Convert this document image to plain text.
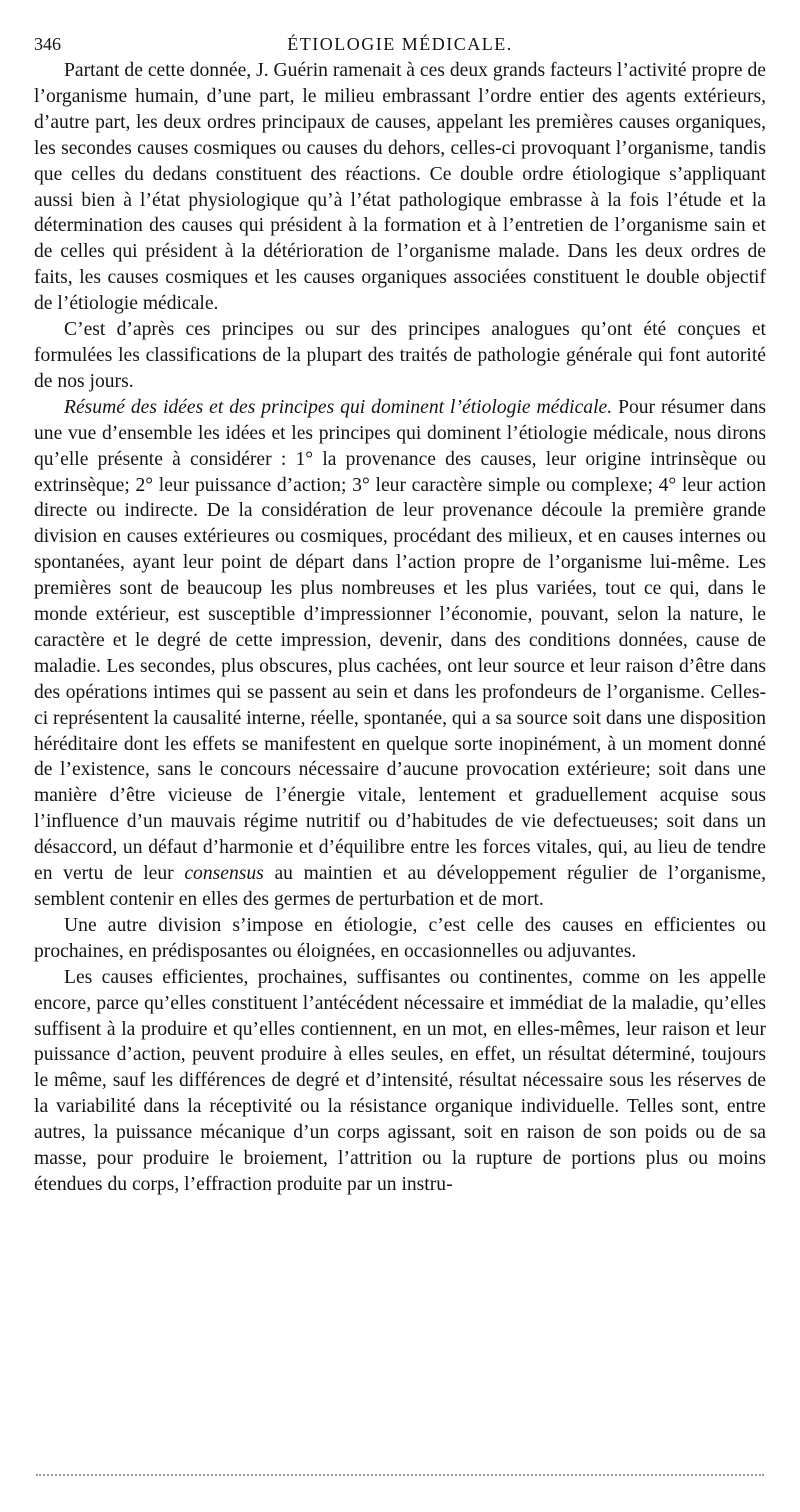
346	ÉTIOLOGIE MÉDICALE.

Partant de cette donnée, J. Guérin ramenait à ces deux grands facteurs l’activité propre de l’organisme humain, d’une part, le milieu embrassant l’ordre entier des agents extérieurs, d’autre part, les deux ordres principaux de causes, appelant les premières causes organiques, les secondes causes cosmiques ou causes du dehors, celles-ci provoquant l’organisme, tandis que celles du dedans constituent des réactions. Ce double ordre étiologique s’appliquant aussi bien à l’état physiologique qu’à l’état pathologique embrasse à la fois l’étude et la détermination des causes qui président à la formation et à l’entretien de l’organisme sain et de celles qui président à la détérioration de l’organisme malade. Dans les deux ordres de faits, les causes cosmiques et les causes organiques associées constituent le double objectif de l’étiologie médicale.

C’est d’après ces principes ou sur des principes analogues qu’ont été conçues et formulées les classifications de la plupart des traités de pathologie générale qui font autorité de nos jours.

Résumé des idées et des principes qui dominent l’étiologie médicale. Pour résumer dans une vue d’ensemble les idées et les principes qui dominent l’étiologie médicale, nous dirons qu’elle présente à considérer : 1° la provenance des causes, leur origine intrinsèque ou extrinsèque; 2° leur puissance d’action; 3° leur caractère simple ou complexe; 4° leur action directe ou indirecte. De la considération de leur provenance découle la première grande division en causes extérieures ou cosmiques, procédant des milieux, et en causes internes ou spontanées, ayant leur point de départ dans l’action propre de l’organisme lui-même. Les premières sont de beaucoup les plus nombreuses et les plus variées, tout ce qui, dans le monde extérieur, est susceptible d’impressionner l’économie, pouvant, selon la nature, le caractère et le degré de cette impression, devenir, dans des conditions données, cause de maladie. Les secondes, plus obscures, plus cachées, ont leur source et leur raison d’être dans des opérations intimes qui se passent au sein et dans les profondeurs de l’organisme. Celles-ci représentent la causalité interne, réelle, spontanée, qui a sa source soit dans une disposition héréditaire dont les effets se manifestent en quelque sorte inopinément, à un moment donné de l’existence, sans le concours nécessaire d’aucune provocation extérieure; soit dans une manière d’être vicieuse de l’énergie vitale, lentement et graduellement acquise sous l’influence d’un mauvais régime nutritif ou d’habitudes de vie defectueuses; soit dans un désaccord, un défaut d’harmonie et d’équilibre entre les forces vitales, qui, au lieu de tendre en vertu de leur consensus au maintien et au développement régulier de l’organisme, semblent contenir en elles des germes de perturbation et de mort.

Une autre division s’impose en étiologie, c’est celle des causes en efficientes ou prochaines, en prédisposantes ou éloignées, en occasionnelles ou adjuvantes.

Les causes efficientes, prochaines, suffisantes ou continentes, comme on les appelle encore, parce qu’elles constituent l’antécédent nécessaire et immédiat de la maladie, qu’elles suffisent à la produire et qu’elles contiennent, en un mot, en elles-mêmes, leur raison et leur puissance d’action, peuvent produire à elles seules, en effet, un résultat déterminé, toujours le même, sauf les différences de degré et d’intensité, résultat nécessaire sous les réserves de la variabilité dans la réceptivité ou la résistance organique individuelle. Telles sont, entre autres, la puissance mécanique d’un corps agissant, soit en raison de son poids ou de sa masse, pour produire le broiement, l’attrition ou la rupture de portions plus ou moins étendues du corps, l’effraction produite par un instru-
